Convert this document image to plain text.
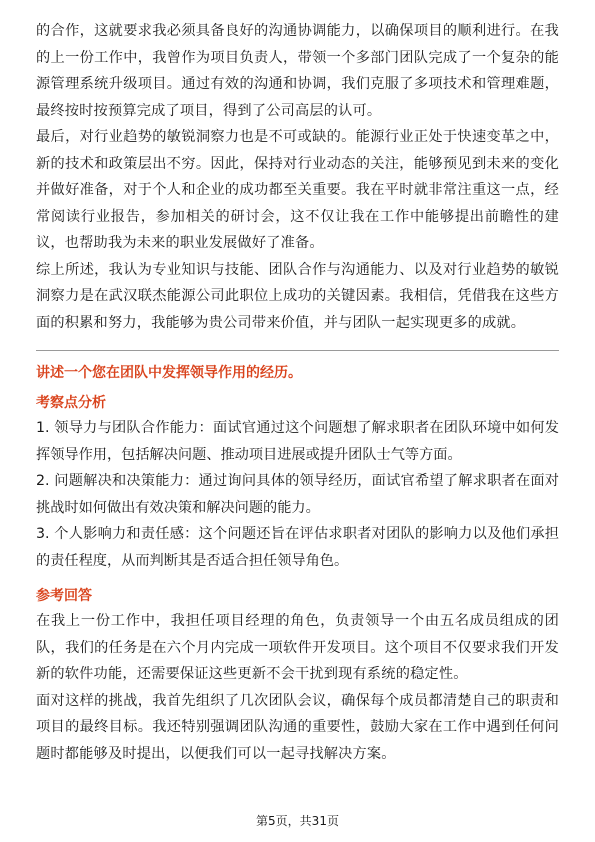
的合作，这就要求我必须具备良好的沟通协调能力，以确保项目的顺利进行。在我的上一份工作中，我曾作为项目负责人，带领一个多部门团队完成了一个复杂的能源管理系统升级项目。通过有效的沟通和协调，我们克服了多项技术和管理难题，最终按时按预算完成了项目，得到了公司高层的认可。

最后，对行业趋势的敏锐洞察力也是不可或缺的。能源行业正处于快速变革之中，新的技术和政策层出不穷。因此，保持对行业动态的关注，能够预见到未来的变化并做好准备，对于个人和企业的成功都至关重要。我在平时就非常注重这一点，经常阅读行业报告，参加相关的研讨会，这不仅让我在工作中能够提出前瞻性的建议，也帮助我为未来的职业发展做好了准备。

综上所述，我认为专业知识与技能、团队合作与沟通能力、以及对行业趋势的敏锐洞察力是在武汉联杰能源公司此职位上成功的关键因素。我相信，凭借我在这些方面的积累和努力，我能够为贵公司带来价值，并与团队一起实现更多的成就。

讲述一个您在团队中发挥领导作用的经历。

考察点分析

1. 领导力与团队合作能力：面试官通过这个问题想了解求职者在团队环境中如何发挥领导作用，包括解决问题、推动项目进展或提升团队士气等方面。

2. 问题解决和决策能力：通过询问具体的领导经历，面试官希望了解求职者在面对挑战时如何做出有效决策和解决问题的能力。

3. 个人影响力和责任感：这个问题还旨在评估求职者对团队的影响力以及他们承担的责任程度，从而判断其是否适合担任领导角色。

参考回答

在我上一份工作中，我担任项目经理的角色，负责领导一个由五名成员组成的团队，我们的任务是在六个月内完成一项软件开发项目。这个项目不仅要求我们开发新的软件功能，还需要保证这些更新不会干扰到现有系统的稳定性。

面对这样的挑战，我首先组织了几次团队会议，确保每个成员都清楚自己的职责和项目的最终目标。我还特别强调团队沟通的重要性，鼓励大家在工作中遇到任何问题时都能够及时提出，以便我们可以一起寻找解决方案。

第5页，共31页
